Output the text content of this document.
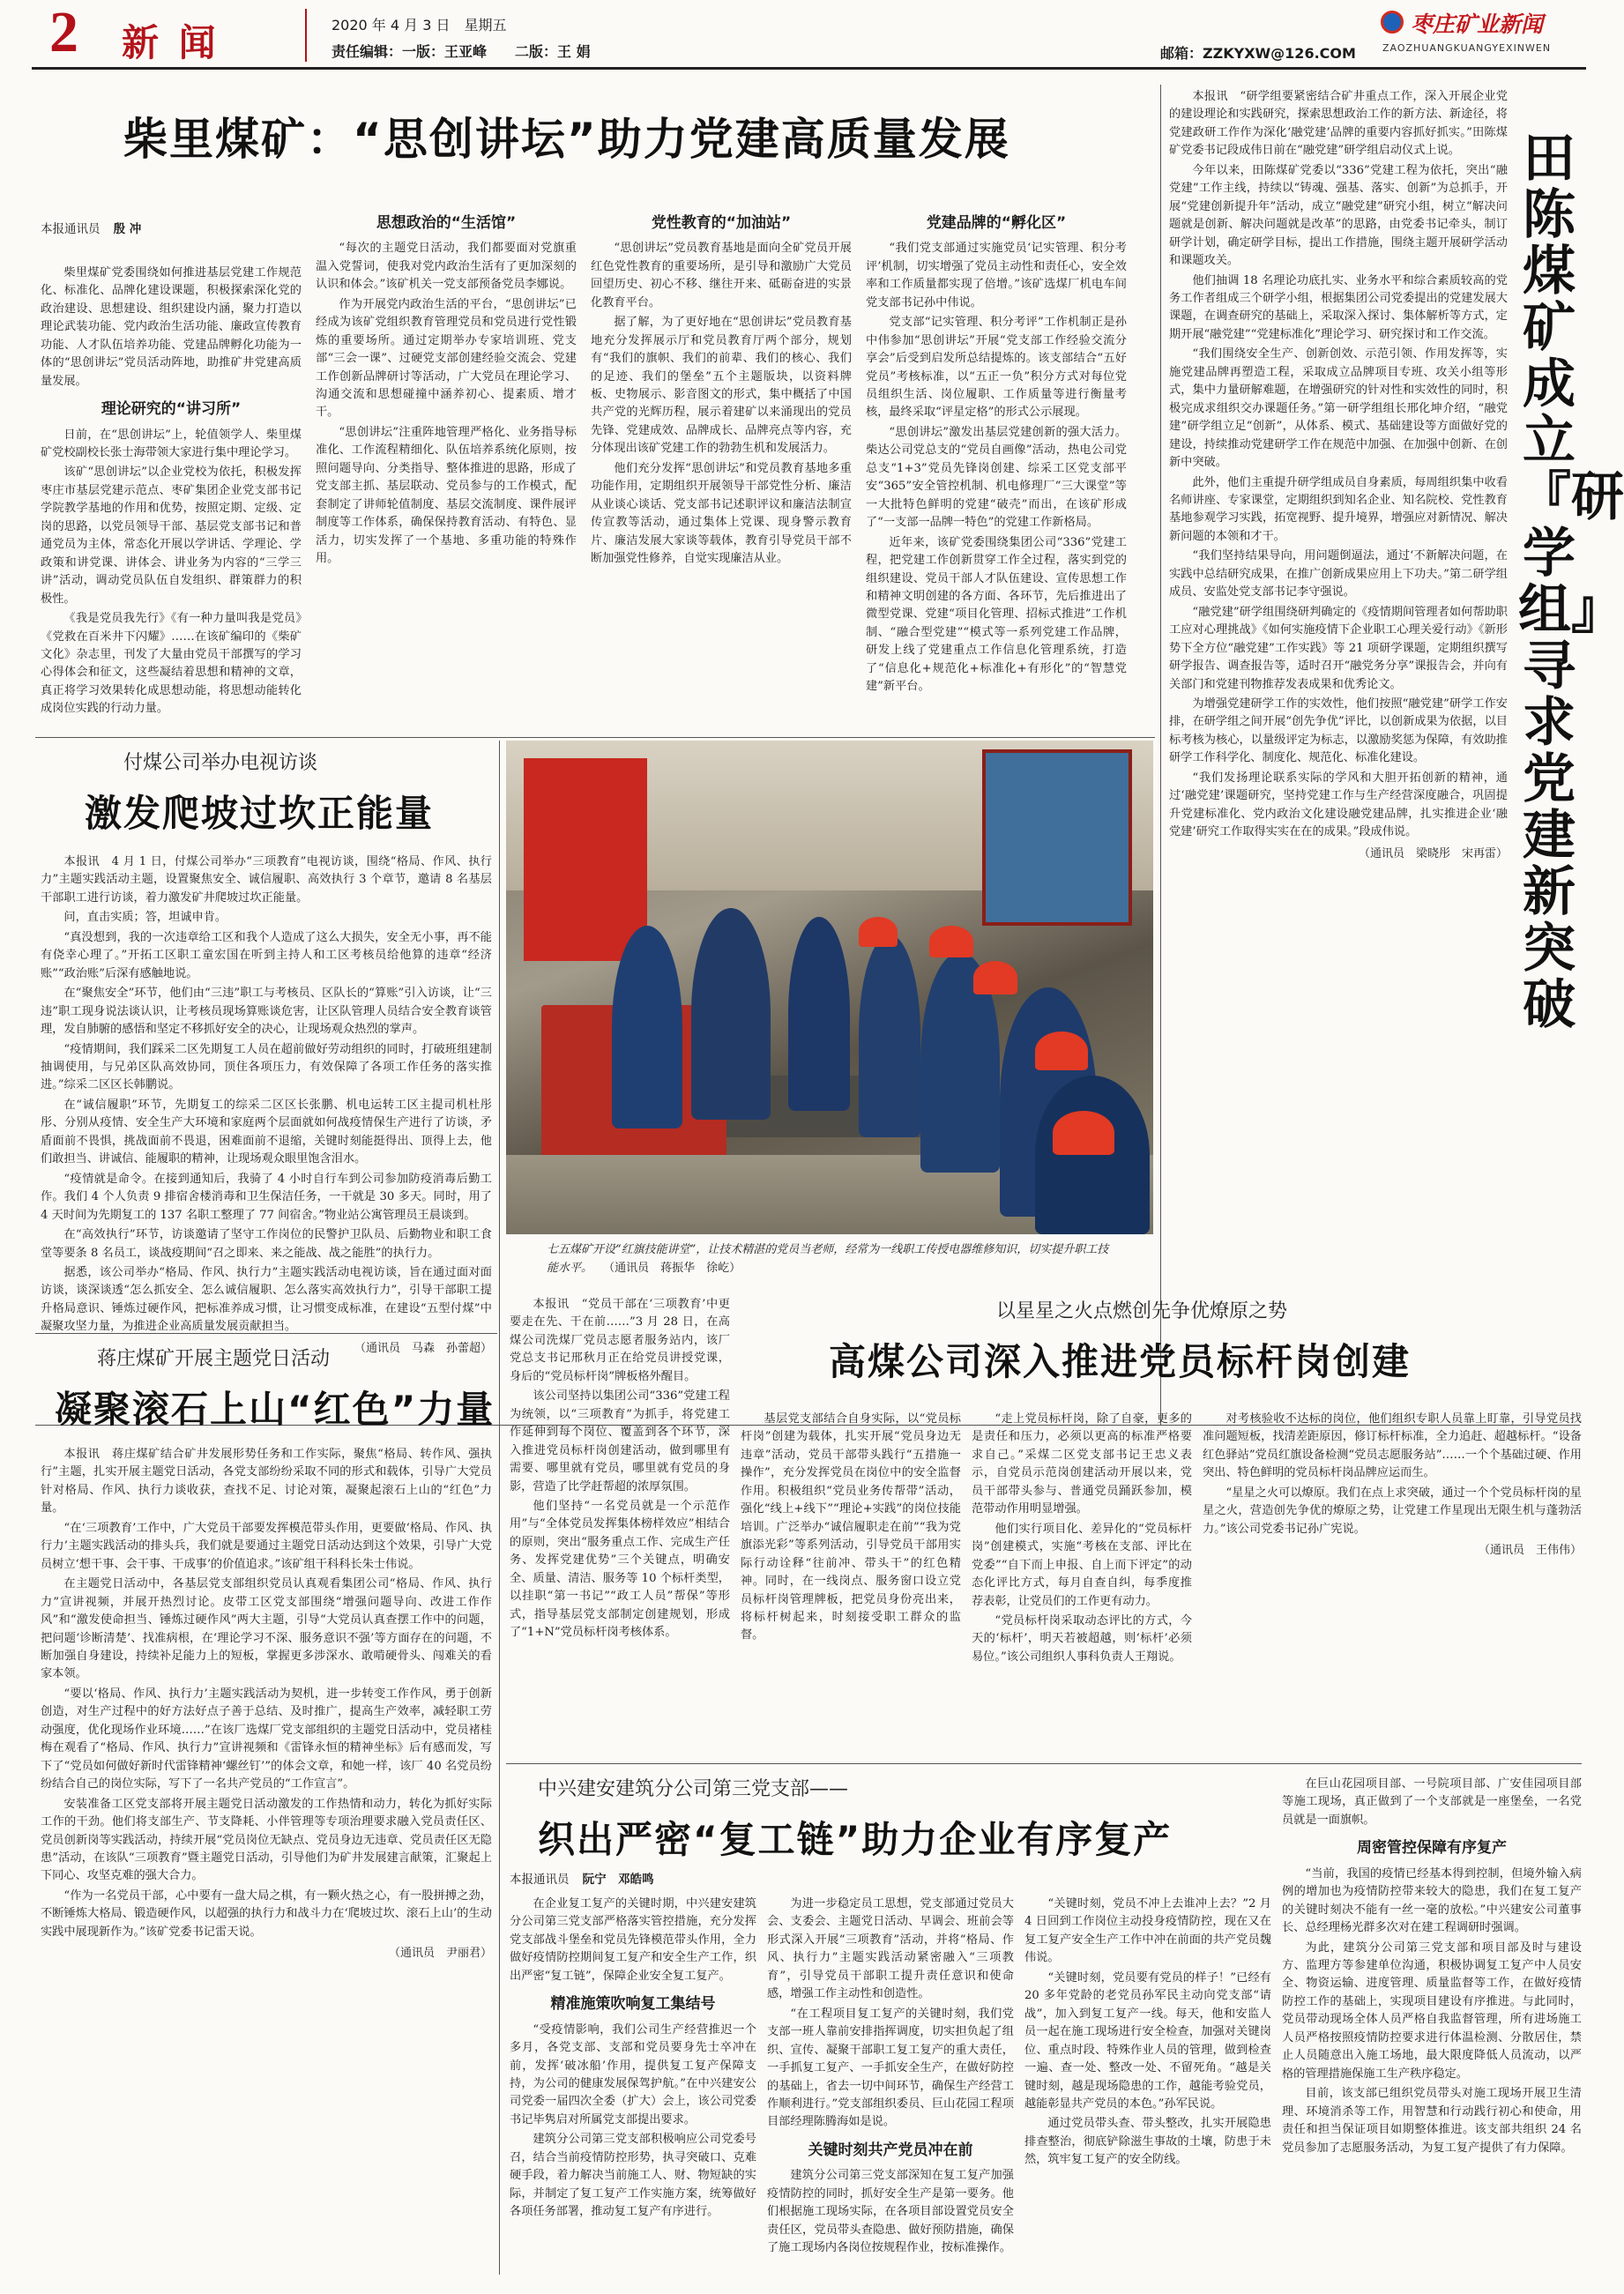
2 新 闻	2020 年 4 月 3 日　星期五
责任编辑：一版：王亚峰　　二版：王 娟	邮箱：ZZKYXW@126.COM
枣庄矿业新闻
ZAOZHUANGKUANGYEXINWEN
柴里煤矿：“思创讲坛”助力党建高质量发展
本报通讯员 殷 冲

柴里煤矿党委围绕如何推进基层党建工作规范化、标准化、品牌化建设课题，积极探索深化党的政治建设、思想建设、组织建设内涵，聚力打造以理论武装功能、党内政治生活功能、廉政宣传教育功能、人才队伍培养功能、党建品牌孵化功能为一体的“思创讲坛”党员活动阵地，助推矿井党建高质量发展。

理论研究的“讲习所”

日前，在“思创讲坛”上，轮值领学人、柴里煤矿党校副校长张士海带领大家进行集中理论学习。

该矿“思创讲坛”以企业党校为依托，积极发挥枣庄市基层党建示范点、枣矿集团企业党支部书记学院教学基地的作用和优势，按照定期、定级、定岗的思路，以党员领导干部、基层党支部书记和普通党员为主体，常态化开展以学讲话、学理论、学政策和讲党课、讲体会、讲业务为内容的“三学三讲”活动，调动党员队伍自发组织、群策群力的积极性。

《我是党员我先行》《有一种力量叫我是党员》《党救在百米井下闪耀》……在该矿编印的《柴矿文化》杂志里，刊发了大量由党员干部撰写的学习心得体会和征文，这些凝结着思想和精神的文章，真正将学习效果转化成思想动能，将思想动能转化成岗位实践的行动力量。

思想政治的“生活馆”

“每次的主题党日活动，我们都要面对党旗重温入党誓词，使我对党内政治生活有了更加深刻的认识和体会。”该矿机关一党支部预备党员李娜说。

作为开展党内政治生活的平台，“思创讲坛”已经成为该矿党组织教育管理党员和党员进行党性锻炼的重要场所。通过定期举办专家培训班、党支部“三会一课”、过硬党支部创建经验交流会、党建工作创新品牌研讨等活动，广大党员在理论学习、沟通交流和思想碰撞中涵养初心、提素质、增才干。

“思创讲坛”注重阵地管理严格化、业务指导标准化、工作流程精细化、队伍培养系统化原则，按照问题导向、分类指导、整体推进的思路，形成了党支部主抓、基层联动、党员参与的工作模式，配套制定了讲师轮值制度、基层交流制度、课件展评制度等工作体系，确保保持教育活动、有特色、显活力，切实发挥了一个基地、多重功能的特殊作用。

党性教育的“加油站”

“思创讲坛”党员教育基地是面向全矿党员开展红色党性教育的重要场所，是引导和激励广大党员回望历史、初心不移、继往开来、砥砺奋进的实景化教育平台。

据了解，为了更好地在“思创讲坛”党员教育基地充分发挥展示厅和党员教育厅两个部分，规划有“我们的旗帜、我们的前辈、我们的核心、我们的足迹、我们的堡垒”五个主题版块，以资料牌板、史物展示、影音图文的形式，集中概括了中国共产党的光辉历程，展示着建矿以来涌现出的党员先锋、党建成效、品牌成长、品牌亮点等内容，充分体现出该矿党建工作的勃勃生机和发展活力。

他们充分发挥“思创讲坛”和党员教育基地多重功能作用，定期组织开展领导干部党性分析、廉洁从业谈心谈话、党支部书记述职评议和廉洁法制宣传宣教等活动，通过集体上党课、现身警示教育片、廉洁发展大家谈等载体，教育引导党员干部不断加强党性修养，自觉实现廉洁从业。

党建品牌的“孵化区”

“我们党支部通过实施党员‘记实管理、积分考评’机制，切实增强了党员主动性和责任心，安全效率和工作质量都实现了倍增。”该矿选煤厂机电车间党支部书记孙中伟说。

党支部“记实管理、积分考评”工作机制正是孙中伟参加“思创讲坛”开展“党支部工作经验交流分享会”后受到启发所总结提炼的。该支部结合“五好党员”考核标准，以“五正一负”积分方式对每位党员组织生活、岗位履职、工作质量等进行衡量考核，最终采取“评星定格”的形式公示展现。

“思创讲坛”激发出基层党建创新的强大活力。柴达公司党总支的“党员自画像”活动，热电公司党总支“1+3”党员先锋岗创建、综采工区党支部平安“365”安全管控机制、机电修理厂“三大课堂”等一大批特色鲜明的党建“破壳”而出，在该矿形成了“一支部一品牌一特色”的党建工作新格局。

近年来，该矿党委围绕集团公司“336”党建工程，把党建工作创新贯穿工作全过程，落实到党的组织建设、党员干部人才队伍建设、宣传思想工作和精神文明创建的各方面、各环节，先后推进出了微型党课、党建“项目化管理、招标式推进”工作机制、“融合型党建”“模式等一系列党建工作品牌，研发上线了党建重点工作信息化管理系统，打造了“信息化+规范化+标准化+有形化”的“智慧党建”新平台。

田陈煤矿成立『研学组』寻求党建新突破

本报讯　“研学组要紧密结合矿井重点工作，深入开展企业党的建设理论和实践研究，探索思想政治工作的新方法、新途径，将党建政研工作作为深化‘融党建’品牌的重要内容抓好抓实。”田陈煤矿党委书记段成伟日前在“融党建”研学组启动仪式上说。

今年以来，田陈煤矿党委以“336”党建工程为依托，突出“融党建”工作主线，持续以“铸魂、强基、落实、创新”为总抓手，开展“党建创新提升年”活动，成立“融党建”研究小组，树立“解决问题就是创新、解决问题就是改革”的思路，由党委书记牵头，制订研学计划，确定研学目标，提出工作措施，围绕主题开展研学活动和课题攻关。

他们抽调 18 名理论功底扎实、业务水平和综合素质较高的党务工作者组成三个研学小组，根据集团公司党委提出的党建发展大课题，在调查研究的基础上，采取深入探讨、集体解析等方式，定期开展“融党建”“党建标准化”理论学习、研究探讨和工作交流。

“我们围绕安全生产、创新创效、示范引领、作用发挥等，实施党建品牌再塑造工程，采取成立品牌项目专班、攻关小组等形式，集中力量研解难题，在增强研究的针对性和实效性的同时，积极完成求组织交办课题任务。”第一研学组组长邢化坤介绍，“融党建”研学组立足“创新”，从体系、模式、基础建设等方面做好党的建设，持续推动党建研学工作在规范中加强、在加强中创新、在创新中突破。

此外，他们主重提升研学组成员自身素质，每周组织集中收看名师讲座、专家课堂，定期组织到知名企业、知名院校、党性教育基地参观学习实践，拓宽视野、提升境界，增强应对新情况、解决新问题的本领和才干。

“我们坚持结果导向，用问题倒逼法，通过‘不新解决问题，在实践中总结研究成果，在推广创新成果应用上下功夫。”第二研学组成员、安监处党支部书记李守强说。

“融党建”研学组围绕研判确定的《疫情期间管理者如何帮助职工应对心理挑战》《如何实施疫情下企业职工心理关爱行动》《新形势下全方位“融党建”工作实践》等 21 项研学课题，定期组织撰写研学报告、调查报告等，适时召开“融党务分享”课报告会，并向有关部门和党建刊物推荐发表成果和优秀论文。

为增强党建研学工作的实效性，他们按照“融党建”研学工作安排，在研学组之间开展“创先争优”评比，以创新成果为依据，以目标考核为核心，以量级评定为标志，以激励奖惩为保障，有效助推研学工作科学化、制度化、规范化、标准化建设。

“我们发扬理论联系实际的学风和大胆开拓创新的精神，通过‘融党建’课题研究，坚持党建工作与生产经营深度融合，巩固提升党建标准化、党内政治文化建设融党建品牌，扎实推进企业‘融党建’研究工作取得实实在在的成果。”段成伟说。

（通讯员　梁晓彤　宋再雷）
付煤公司举办电视访谈
激发爬坡过坎正能量

本报讯　4 月 1 日，付煤公司举办“三项教育”电视访谈，围绕“格局、作风、执行力”主题实践活动主题，设置聚焦安全、诚信履职、高效执行 3 个章节，邀请 8 名基层干部职工进行访谈，着力激发矿井爬坡过坎正能量。

问，直击实质；答，坦诚申肯。

“真没想到，我的一次违章给工区和我个人造成了这么大损失，安全无小事，再不能有侥幸心理了。”开拓工区职工童宏国在听到主持人和工区考核员给他算的违章“经济账”“政治账”后深有感触地说。

在“聚焦安全”环节，他们由“三违”职工与考核员、区队长的“算账”引入访谈，让“三违”职工现身说法谈认识，让考核员现场算账谈危害，让区队管理人员结合安全教育谈管理，发自肺腑的感悟和坚定不移抓好安全的决心，让现场观众热烈的掌声。

“疫情期间，我们踩采二区先期复工人员在超前做好劳动组织的同时，打破班组建制抽调使用，与兄弟区队高效协同，顶住各项压力，有效保障了各项工作任务的落实推进。”综采二区区长韩鹏说。

在“诚信履职”环节，先期复工的综采二区区长张鹏、机电运转工区主提司机杜彤彤、分别从疫情、安全生产大环境和家庭两个层面就如何战疫情保生产进行了访谈，矛盾面前不畏惧，挑战面前不畏退，困难面前不退缩，关键时刻能挺得出、顶得上去，他们敢担当、讲诚信、能履职的精神，让现场观众眼里饱含泪水。

“疫情就是命令。在接到通知后，我骑了 4 小时自行车到公司参加防疫消毒后勤工作。我们 4 个人负责 9 排宿舍楼消毒和卫生保洁任务，一干就是 30 多天。同时，用了 4 天时间为先期复工的 137 名职工整理了 77 间宿舍。”物业站公寓管理员王晨谈到。

在“高效执行”环节，访谈邀请了坚守工作岗位的民警护卫队员、后勤物业和职工食堂等要条 8 名员工，谈战疫期间“召之即来、来之能战、战之能胜”的执行力。

据悉，该公司举办“格局、作风、执行力”主题实践活动电视访谈，旨在通过面对面访谈，谈深谈透“怎么抓安全、怎么诚信履职、怎么落实高效执行力”，引导干部职工提升格局意识、锤炼过硬作风，把标准养成习惯，让习惯变成标准，在建设“五型付煤”中凝聚攻坚力量，为推进企业高质量发展贡献担当。

（通讯员　马森　孙蕾超）
蒋庄煤矿开展主题党日活动
凝聚滚石上山“红色”力量

本报讯　蒋庄煤矿结合矿井发展形势任务和工作实际，聚焦“格局、转作风、强执行”主题，扎实开展主题党日活动，各党支部纷纷采取不同的形式和载体，引导广大党员针对格局、作风、执行力谈收获，查找不足、讨论对策，凝聚起滚石上山的“红色”力量。

“在‘三项教育’工作中，广大党员干部要发挥模范带头作用，更要做‘格局、作风、执行力’主题实践活动的排头兵，我们就是要通过主题党日活动达到这个效果，引导广大党员树立‘想干事、会干事、干成事’的价值追求。”该矿组干科科长朱士伟说。

在主题党日活动中，各基层党支部组织党员认真观看集团公司“格局、作风、执行力”宣讲视频，并展开热烈讨论。皮带工区党支部围绕“增强问题导向、改进工作作风”和“激发使命担当、锤炼过硬作风”两大主题，引导“大党员认真查摆工作中的问题，把问题‘诊断清楚’、找准病根，在‘理论学习不深、服务意识不强’等方面存在的问题，不断加强自身建设，持续补足能力上的短板，掌握更多涉深水、敢啃硬骨头、闯难关的看家本领。

“要以‘格局、作风、执行力’主题实践活动为契机，进一步转变工作作风，勇于创新创造，对生产过程中的好方法好点子善于总结、及时推广，提高生产效率，减轻职工劳动强度，优化现场作业环境……”在该厂选煤厂党支部组织的主题党日活动中，党员褚桂梅在观看了“格局、作风、执行力”宣讲视频和《雷锋永恒的精神坐标》后有感而发，写下了“党员如何做好新时代雷锋精神‘螺丝钉’”的体会文章，和她一样，该厂 40 名党员纷纷结合自己的岗位实际，写下了一名共产党员的“工作宣言”。

安装准备工区党支部将开展主题党日活动激发的工作热情和动力，转化为抓好实际工作的干劲。他们将支部生产、节支降耗、小伴管理等专项治理要求融入党员责任区、党员创新岗等实践活动，持续开展“党员岗位无缺点、党员身边无违章、党员责任区无隐患”活动，在该队“三项教育”暨主题党日活动，引导他们为矿井发展建言献策，汇聚起上下同心、攻坚克难的强大合力。

“作为一名党员干部，心中要有一盘大局之棋，有一颗火热之心，有一股拼搏之劲，不断锤炼大格局、锻造硬作风，以超强的执行力和战斗力在‘爬坡过坎、滚石上山’的生动实践中展现新作为。”该矿党委书记雷天说。

（通讯员　尹丽君）
七五煤矿开设“红旗技能讲堂”，让技术精湛的党员当老师，经常为一线职工传授电器维修知识，切实提升职工技能水平。 （通讯员　蒋振华　徐屹）

本报讯　“党员干部在‘三项教育’中更要走在先、干在前……”3 月 28 日，在高煤公司洗煤厂党员志愿者服务站内，该厂党总支书记邢秋月正在给党员讲授党课，身后的“党员标杆岗”牌板格外醒目。

该公司坚持以集团公司“336”党建工程为统领，以“三项教育”为抓手，将党建工作延伸到每个岗位、覆盖到各个环节，深入推进党员标杆岗创建活动，做到哪里有需要、哪里就有党员，哪里就有党员的身影，营造了比学赶帮超的浓厚氛围。

他们坚持“一名党员就是一个示范作用”与“全体党员发挥集体榜样效应”相结合的原则，突出“服务重点工作、完成生产任务、发挥党建优势”三个关键点，明确安全、质量、清洁、服务等 10 个标杆类型，以挂职“第一书记”“政工人员”帮保”等形式，指导基层党支部制定创建规划，形成了“1+N”党员标杆岗考核体系。

以星星之火点燃创先争优燎原之势
高煤公司深入推进党员标杆岗创建

基层党支部结合自身实际，以“党员标杆岗”创建为载体，扎实开展“党员身边无违章”活动，党员干部带头践行“五措施一操作”，充分发挥党员在岗位中的安全监督作用。积极组织“党员业务传帮带”活动，强化“线上+线下”“理论+实践”的岗位技能培训。广泛举办“诚信履职走在前”“我为党旗添光彩”等系列活动，引导党员干部用实际行动诠释“往前冲、带头干”的红色精神。同时，在一线岗点、服务窗口设立党员标杆岗管理牌板，把党员身份亮出来，将标杆树起来，时刻接受职工群众的监督。

“走上党员标杆岗，除了自豪，更多的是责任和压力，必须以更高的标准严格要求自己。”采煤二区党支部书记王忠义表示，自党员示范岗创建活动开展以来，党员干部带头参与、普通党员踊跃参加，模范带动作用明显增强。

他们实行项目化、差异化的“党员标杆岗”创建模式，实施“考核在支部、评比在党委”“自下而上申报、自上而下评定”的动态化评比方式，每月自查自纠，每季度推荐表彰，让党员们的工作更有动力。

“党员标杆岗采取动态评比的方式，今天的‘标杆’，明天若被超越，则‘标杆’必须易位。”该公司组织人事科负责人王翔说。

对考核验收不达标的岗位，他们组织专职人员靠上盯靠，引导党员找准问题短板，找清差距原因，修订标杆标准，全力追赶、超越标杆。“设备红色驿站”党员红旗设备检测“党员志愿服务站”……一个个基础过硬、作用突出、特色鲜明的党员标杆岗品牌应运而生。

“星星之火可以燎原。我们在点上求突破，通过一个个党员标杆岗的星星之火，营造创先争优的燎原之势，让党建工作星现出无限生机与蓬勃活力。”该公司党委书记孙广宪说。

（通讯员　王伟伟）
中兴建安建筑分公司第三党支部——
织出严密“复工链”助力企业有序复产
本报通讯员 阮宁　邓皓鸣

在企业复工复产的关键时期，中兴建安建筑分公司第三党支部严格落实管控措施，充分发挥党支部战斗堡垒和党员先锋模范带头作用，全力做好疫情防控期间复工复产和安全生产工作，织出严密“复工链”，保障企业安全复工复产。

精准施策吹响复工集结号

“受疫情影响，我们公司生产经营推迟一个多月，各党支部、支部和党员要身先士卒冲在前，发挥‘破冰船’作用，提供复工复产保障支持，为公司的健康发展保驾护航。”在中兴建安公司党委一届四次全委（扩大）会上，该公司党委书记毕隽启对所属党支部提出要求。

建筑分公司第三党支部积极响应公司党委号召，结合当前疫情防控形势，执寻突破口、克难硬手段，着力解决当前施工人、财、物短缺的实际，并制定了复工复产工作实施方案，统筹做好各项任务部署，推动复工复产有序进行。

为进一步稳定员工思想，党支部通过党员大会、支委会、主题党日活动、早调会、班前会等形式深入开展“三项教育”活动，并将“格局、作风、执行力”主题实践活动紧密融入“三项教育”，引导党员干部职工提升责任意识和使命感，增强工作主动性和创造性。

“在工程项目复工复产的关键时刻，我们党支部一班人靠前安排指挥调度，切实担负起了组织、宣传、凝聚干部职工复工复产的重大责任，一手抓复工复产、一手抓安全生产，在做好防控的基础上，省去一切中间环节，确保生产经营工作顺利进行。”党支部组织委员、巨山花园工程项目部经理陈腾海如是说。

关键时刻共产党员冲在前

建筑分公司第三党支部深知在复工复产加强疫情防控的同时，抓好安全生产是第一要务。他们根据施工现场实际，在各项目部设置党员安全责任区，党员带头查隐患、做好预防措施，确保了施工现场内各岗位按规程作业，按标准操作。

“关键时刻，党员不冲上去谁冲上去？”2 月 4 日回到工作岗位主动投身疫情防控，现在又在复工复产安全生产工作中冲在前面的共产党员魏伟说。

“关键时刻，党员要有党员的样子！”已经有 20 多年党龄的老党员孙军民主动向党支部“请战”，加入到复工复产一线。每天，他和安监人员一起在施工现场进行安全检查，加强对关键岗位、重点时段、特殊作业人员的管理，做到检查一遍、查一处、整改一处、不留死角。“越是关键时刻，越是现场隐患的工作，越能考验党员，越能彰显共产党员的本色。”孙军民说。

通过党员带头查、带头整改，扎实开展隐患排查整治，彻底铲除滋生事故的土壤，防患于未然，筑牢复工复产的安全防线。

在巨山花园项目部、一号院项目部、广安佳园项目部等施工现场，真正做到了一个支部就是一座堡垒，一名党员就是一面旗帜。

周密管控保障有序复产

“当前，我国的疫情已经基本得到控制，但境外输入病例的增加也为疫情防控带来较大的隐患，我们在复工复产的关键时刻决不能有一丝一毫的放松。”中兴建安公司董事长、总经理杨光群多次对在建工程调研时强调。

为此，建筑分公司第三党支部和项目部及时与建设方、监理方等参建单位沟通，积极协调复工复产中人员安全、物资运输、进度管理、质量监督等工作，在做好疫情防控工作的基础上，实现项目建设有序推进。与此同时，党员带动现场全体人员严格自我监督管理，所有进场施工人员严格按照疫情防控要求进行体温检测、分散居住，禁止人员随意出入施工场地，最大限度降低人员流动，以严格的管理措施保施工生产秩序稳定。

目前，该支部已组织党员带头对施工现场开展卫生清理、环境消杀等工作，用智慧和行动践行初心和使命，用责任和担当保证项目如期整体推进。该支部共组织 24 名党员参加了志愿服务活动，为复工复产提供了有力保障。
